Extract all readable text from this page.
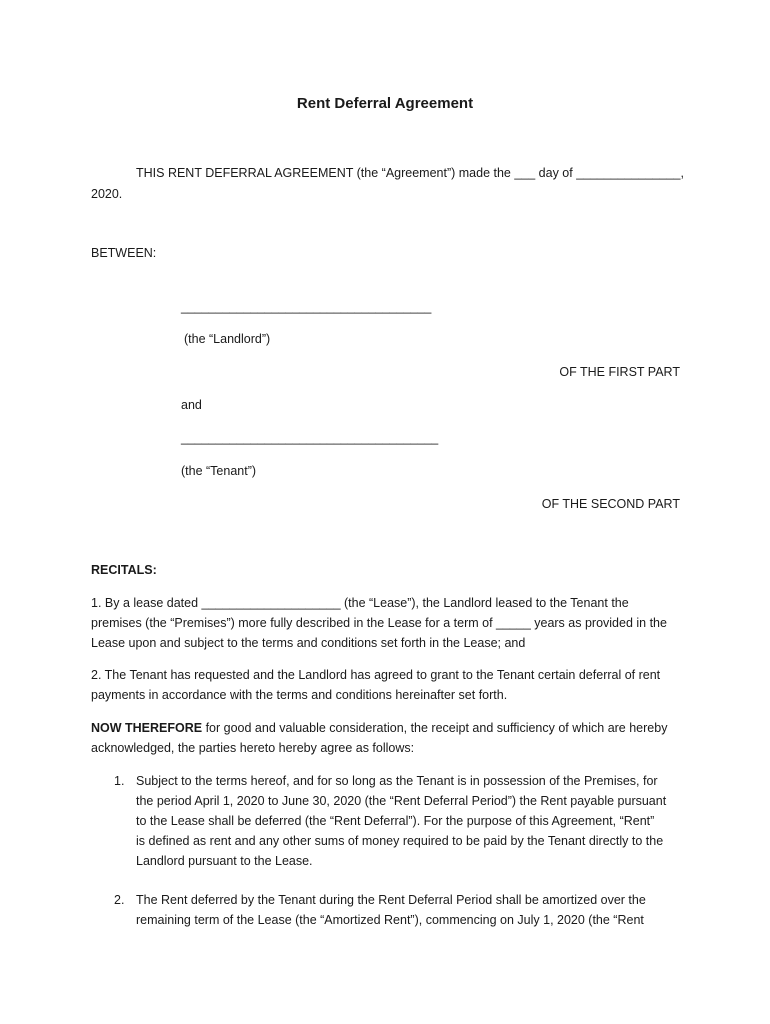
Rent Deferral Agreement
THIS RENT DEFERRAL AGREEMENT (the “Agreement”) made the ___ day of _______________,
2020.
BETWEEN:
____________________________________
(the “Landlord”)
OF THE FIRST PART
and
_____________________________________
(the “Tenant”)
OF THE SECOND PART
RECITALS:
1. By a lease dated ____________________ (the “Lease”), the Landlord leased to the Tenant the
premises (the “Premises”) more fully described in the Lease for a term of _____ years as provided in the
Lease upon and subject to the terms and conditions set forth in the Lease; and
2. The Tenant has requested and the Landlord has agreed to grant to the Tenant certain deferral of rent
payments in accordance with the terms and conditions hereinafter set forth.
NOW THEREFORE for good and valuable consideration, the receipt and sufficiency of which are hereby
acknowledged, the parties hereto hereby agree as follows:
1. Subject to the terms hereof, and for so long as the Tenant is in possession of the Premises, for
the period April 1, 2020 to June 30, 2020 (the “Rent Deferral Period”) the Rent payable pursuant
to the Lease shall be deferred (the “Rent Deferral”). For the purpose of this Agreement, “Rent”
is defined as rent and any other sums of money required to be paid by the Tenant directly to the
Landlord pursuant to the Lease.
2. The Rent deferred by the Tenant during the Rent Deferral Period shall be amortized over the
remaining term of the Lease (the “Amortized Rent”), commencing on July 1, 2020 (the “Rent
